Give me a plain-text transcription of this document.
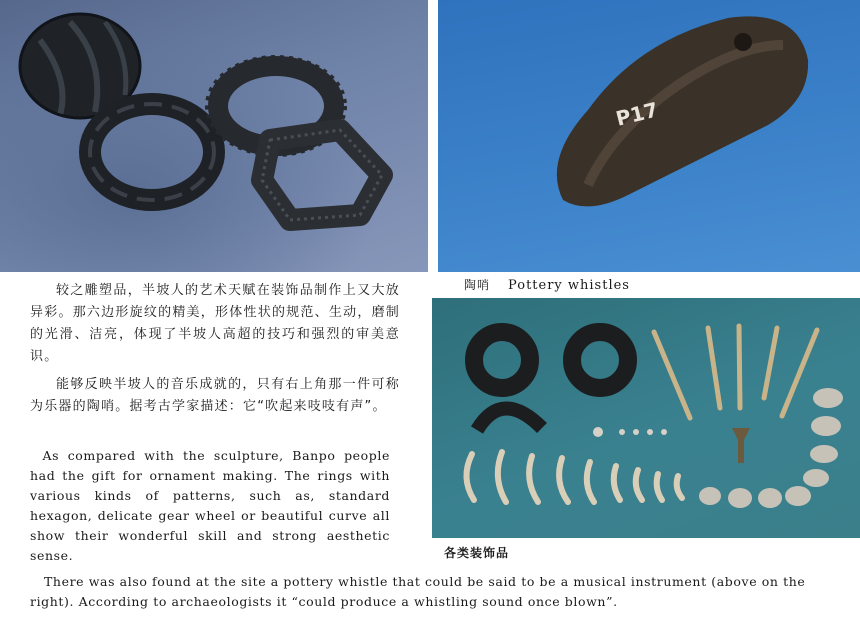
P17
陶哨 Pottery whistles
各类装饰品
较之雕塑品，半坡人的艺术天赋在装饰品制作上又大放异彩。那六边形旋纹的精美，形体性状的规范、生动，磨制的光滑、洁亮，体现了半坡人高超的技巧和强烈的审美意识。
能够反映半坡人的音乐成就的，只有右上角那一件可称为乐器的陶哨。据考古学家描述：它“吹起来吱吱有声”。
As compared with the sculpture, Banpo people had the gift for ornament making. The rings with various kinds of patterns, such as, standard hexagon, delicate gear wheel or beautiful curve all show their wonderful skill and strong aesthetic sense.
There was also found at the site a pottery whistle that could be said to be a musical instrument (above on the right). According to archaeologists it “could produce a whistling sound once blown”.
